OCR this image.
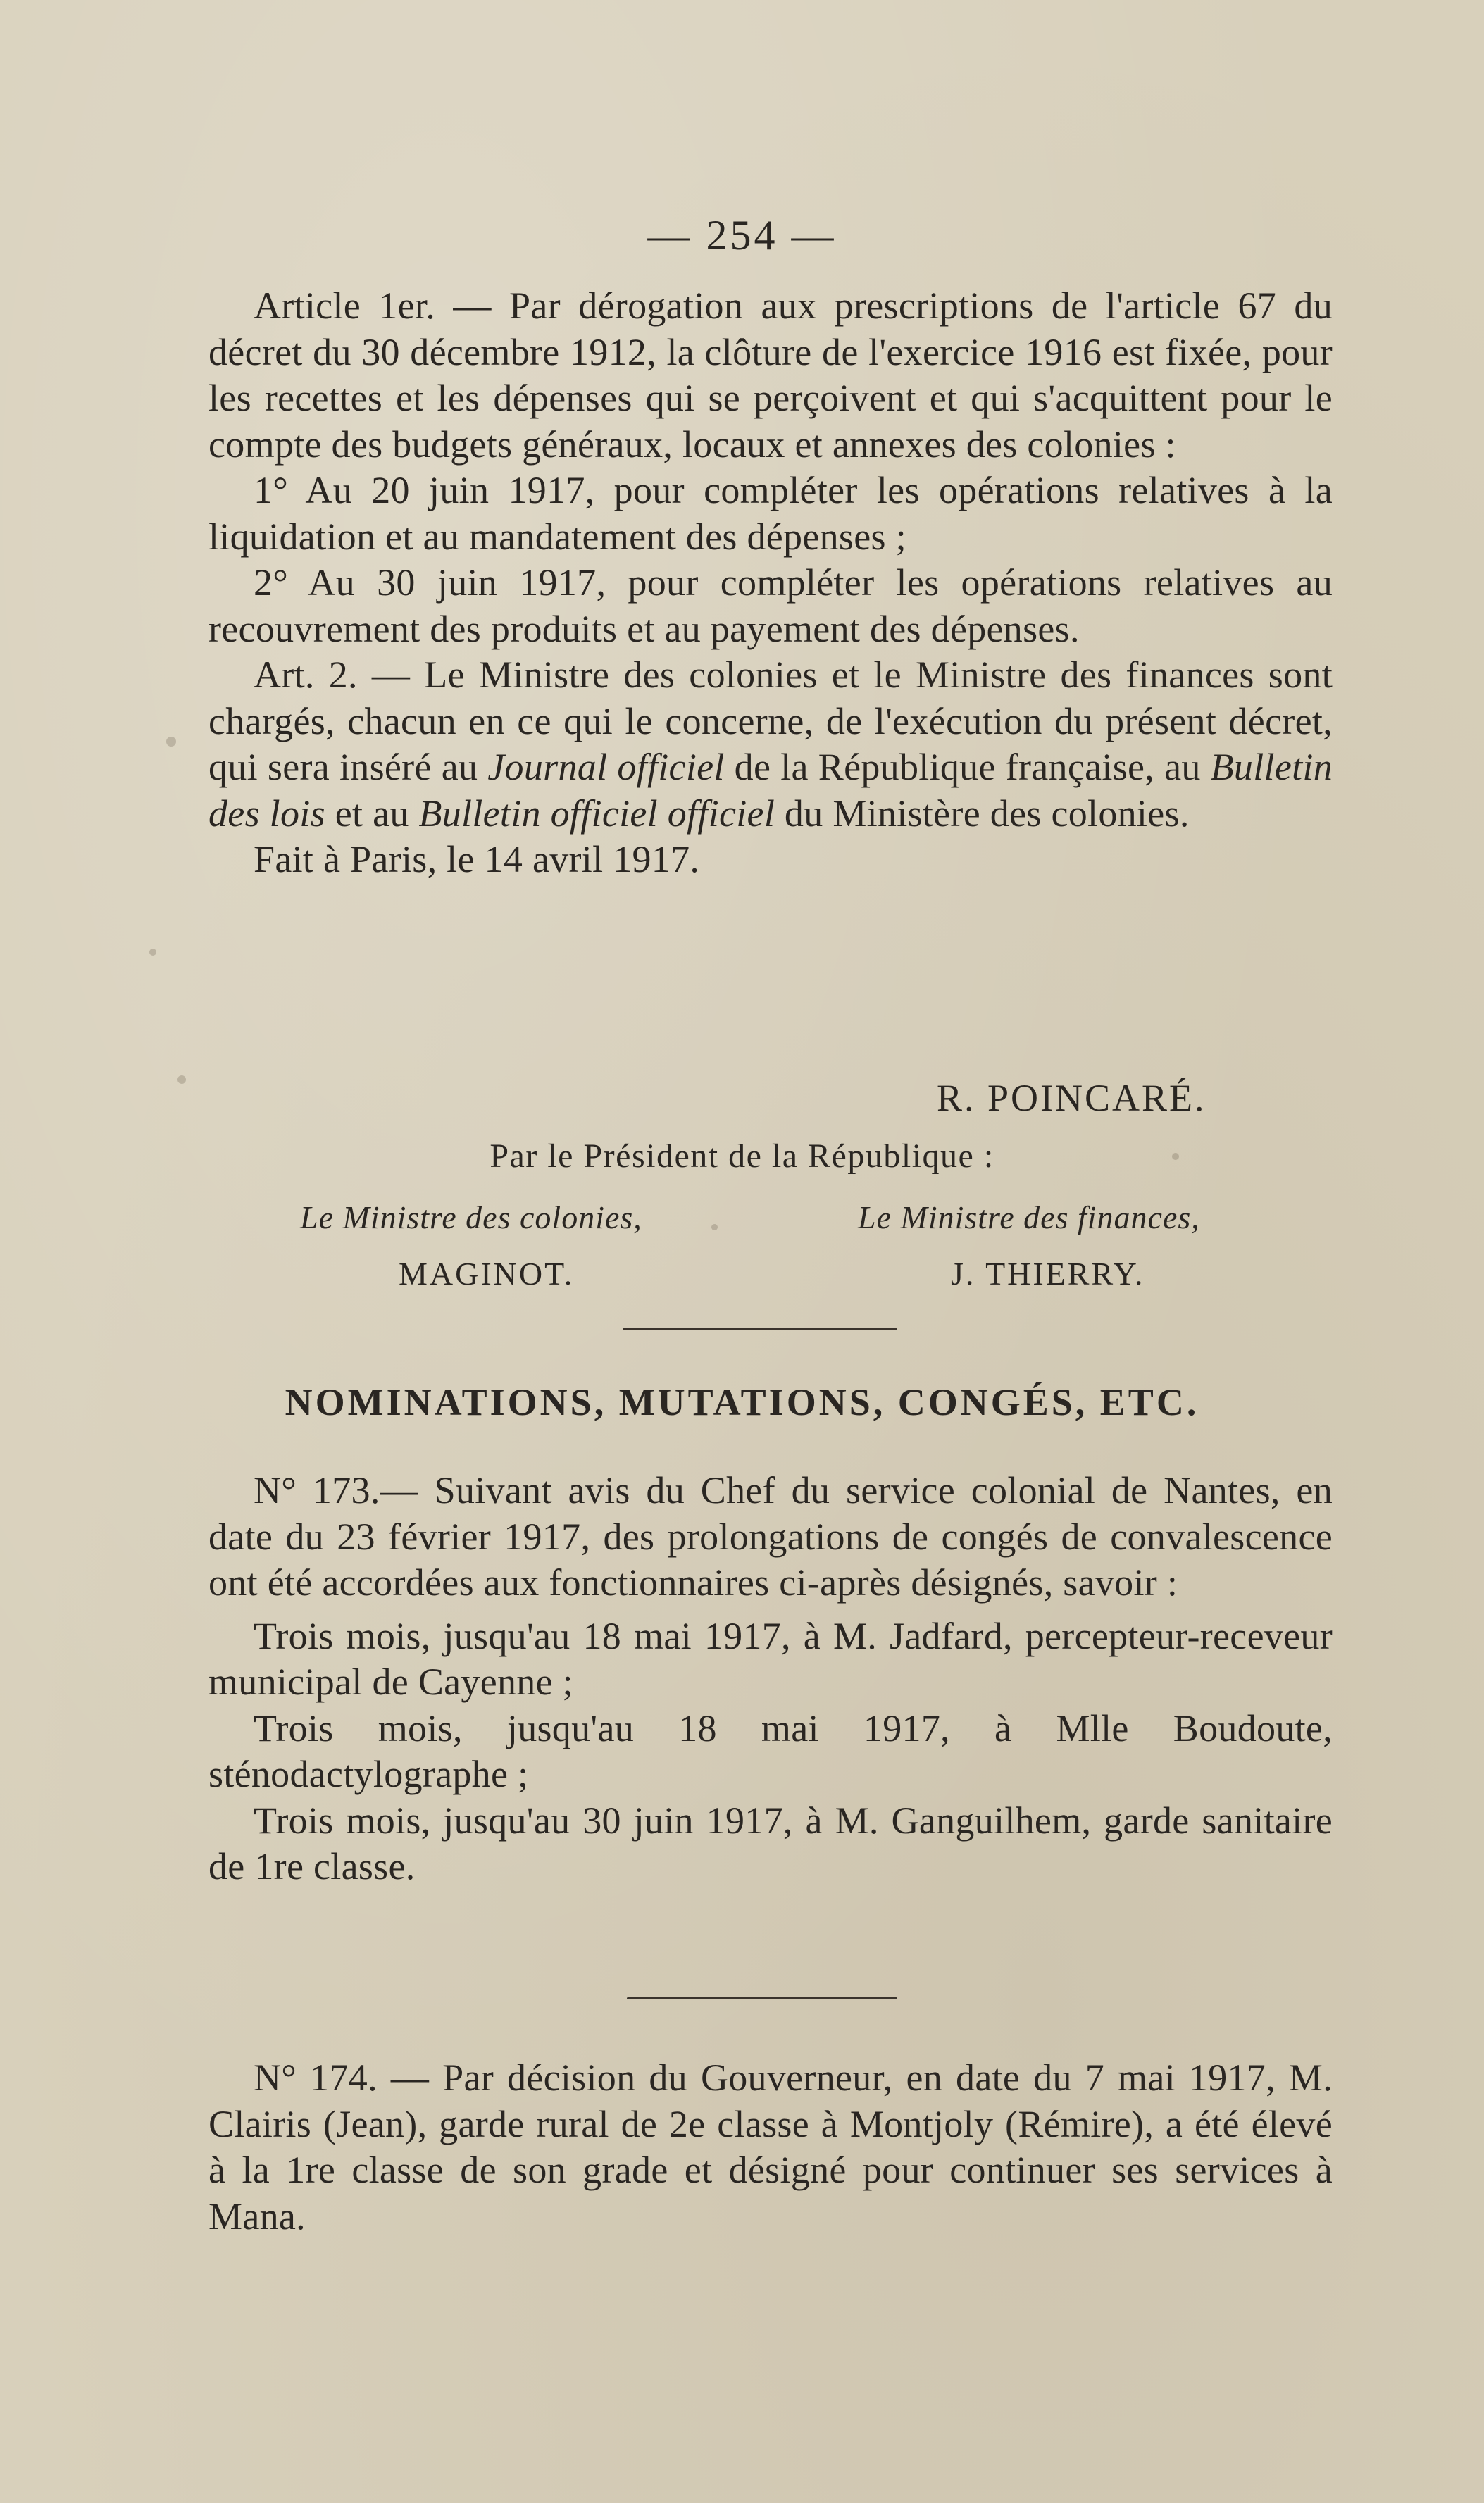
— 254 —

Article 1er. — Par dérogation aux prescriptions de l'article 67 du décret du 30 décembre 1912, la clôture de l'exercice 1916 est fixée, pour les recettes et les dépenses qui se perçoivent et qui s'acquittent pour le compte des budgets généraux, locaux et annexes des colonies :

1° Au 20 juin 1917, pour compléter les opérations relatives à la liquidation et au mandatement des dépenses ;

2° Au 30 juin 1917, pour compléter les opérations relatives au recouvrement des produits et au payement des dépenses.

Art. 2. — Le Ministre des colonies et le Ministre des finances sont chargés, chacun en ce qui le concerne, de l'exécution du présent décret, qui sera inséré au Journal officiel de la République française, au Bulletin des lois et au Bulletin officiel officiel du Ministère des colonies.

Fait à Paris, le 14 avril 1917.

R. POINCARÉ.
Par le Président de la République :
Le Ministre des colonies,	Le Ministre des finances,
MAGINOT.	J. THIERRY.
NOMINATIONS, MUTATIONS, CONGÉS, ETC.

N° 173.— Suivant avis du Chef du service colonial de Nantes, en date du 23 février 1917, des prolongations de congés de convalescence ont été accordées aux fonctionnaires ci-après désignés, savoir :

Trois mois, jusqu'au 18 mai 1917, à M. Jadfard, percepteur-receveur municipal de Cayenne ;

Trois mois, jusqu'au 18 mai 1917, à Mlle Boudoute, sténodactylographe ;

Trois mois, jusqu'au 30 juin 1917, à M. Ganguilhem, garde sanitaire de 1re classe.

N° 174. — Par décision du Gouverneur, en date du 7 mai 1917, M. Clairis (Jean), garde rural de 2e classe à Montjoly (Rémire), a été élevé à la 1re classe de son grade et désigné pour continuer ses services à Mana.
